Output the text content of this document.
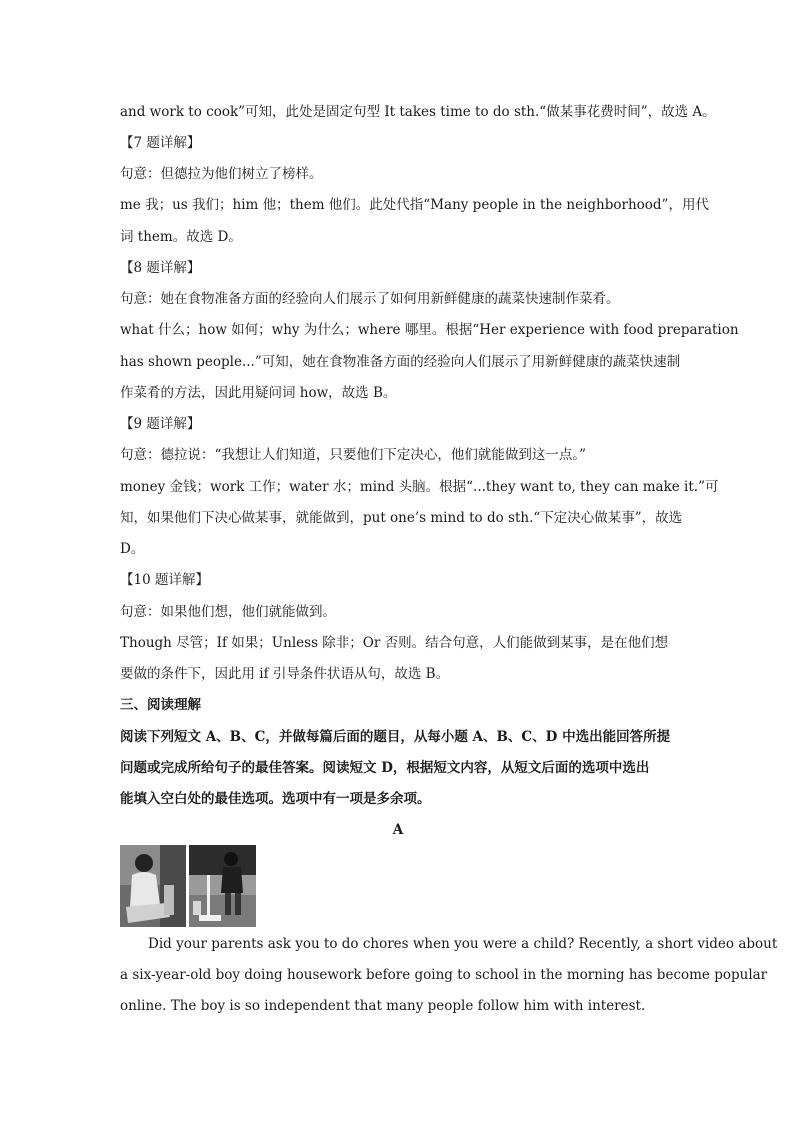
and work to cook”可知，此处是固定句型 It takes time to do sth.“做某事花费时间”，故选 A。
【7 题详解】
句意：但德拉为他们树立了榜样。
me 我；us 我们；him 他；them 他们。此处代指“Many people in the neighborhood”，用代
词 them。故选 D。
【8 题详解】
句意：她在食物准备方面的经验向人们展示了如何用新鲜健康的蔬菜快速制作菜肴。
what 什么；how 如何；why 为什么；where 哪里。根据“Her experience with food preparation
has shown people...”可知，她在食物准备方面的经验向人们展示了用新鲜健康的蔬菜快速制
作菜肴的方法，因此用疑问词 how，故选 B。
【9 题详解】
句意：德拉说：“我想让人们知道，只要他们下定决心，他们就能做到这一点。”
money 金钱；work 工作；water 水；mind 头脑。根据“...they want to, they can make it.”可
知，如果他们下决心做某事，就能做到，put one’s mind to do sth.“下定决心做某事”，故选
D。
【10 题详解】
句意：如果他们想，他们就能做到。
Though 尽管；If 如果；Unless 除非；Or 否则。结合句意，人们能做到某事，是在他们想
要做的条件下，因此用 if 引导条件状语从句，故选 B。
三、阅读理解
阅读下列短文 A、B、C，并做每篇后面的题目，从每小题 A、B、C、D 中选出能回答所提
问题或完成所给句子的最佳答案。阅读短文 D，根据短文内容，从短文后面的选项中选出
能填入空白处的最佳选项。选项中有一项是多余项。
A
Did your parents ask you to do chores when you were a child? Recently, a short video about
a six-year-old boy doing housework before going to school in the morning has become popular
online. The boy is so independent that many people follow him with interest.
